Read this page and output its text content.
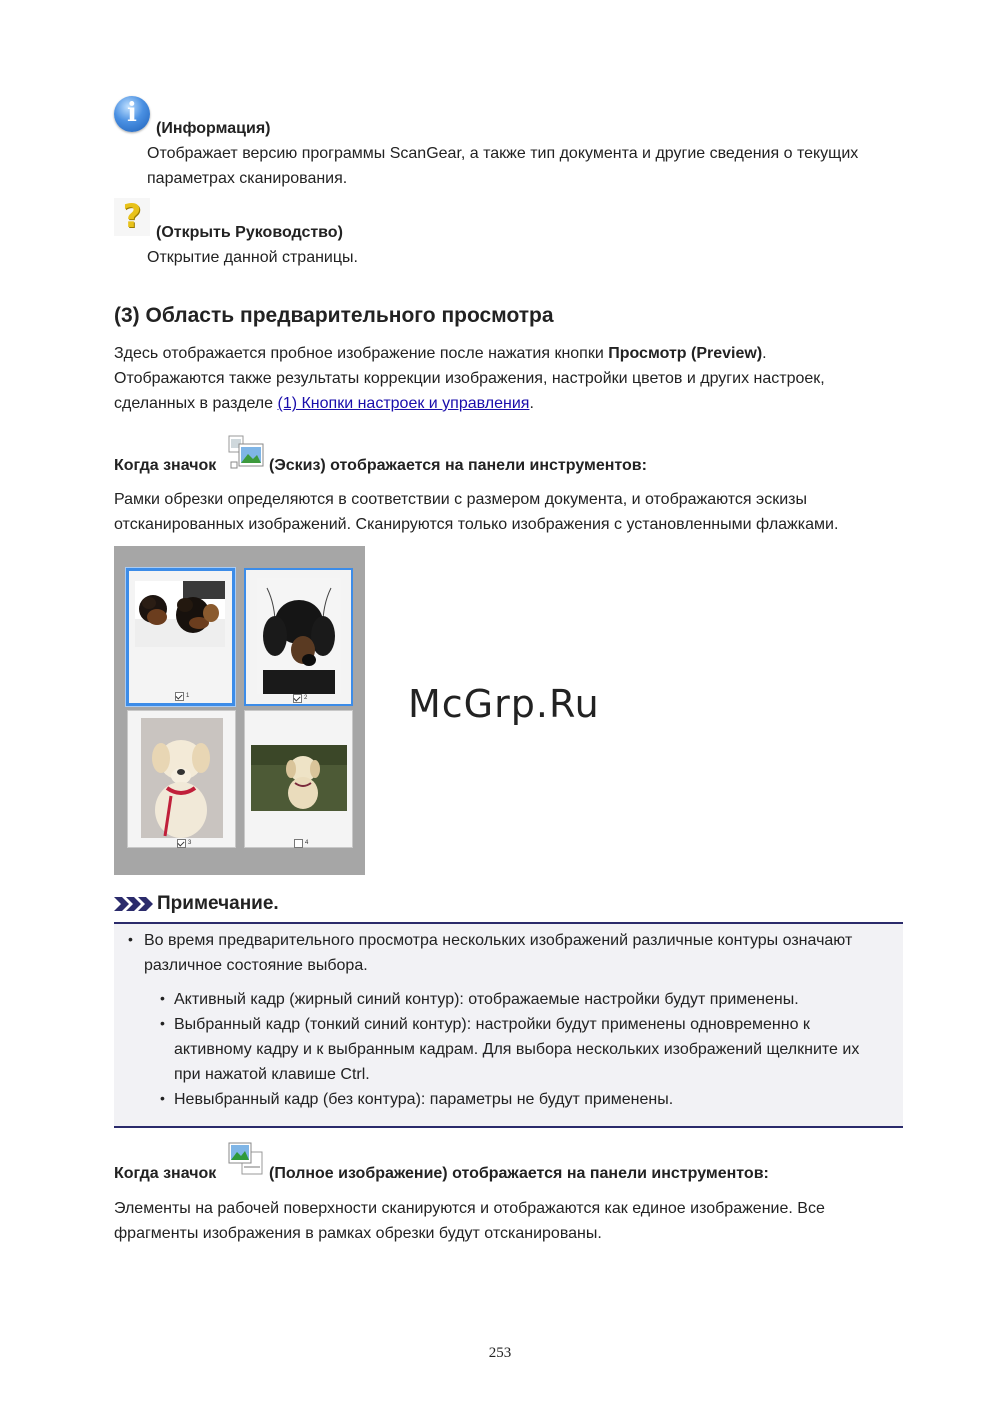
i
(Информация)
Отображает версию программы ScanGear, а также тип документа и другие сведения о текущих
параметрах сканирования.
? (Открыть Руководство)
Открытие данной страницы.
(3) Область предварительного просмотра
Здесь отображается пробное изображение после нажатия кнопки Просмотр (Preview).
Отображаются также результаты коррекции изображения, настройки цветов и других настроек,
сделанных в разделе (1) Кнопки настроек и управления.
Когда значок	(Эскиз) отображается на панели инструментов:
Рамки обрезки определяются в соответствии с размером документа, и отображаются эскизы
отсканированных изображений. Сканируются только изображения с установленными флажками.
1	2
3	4
McGrp.Ru
Примечание.
• Во время предварительного просмотра нескольких изображений различные контуры означают
различное состояние выбора.
• Активный кадр (жирный синий контур): отображаемые настройки будут применены.
• Выбранный кадр (тонкий синий контур): настройки будут применены одновременно к
активному кадру и к выбранным кадрам. Для выбора нескольких изображений щелкните их
при нажатой клавише Ctrl.
• Невыбранный кадр (без контура): параметры не будут применены.
Когда значок	(Полное изображение) отображается на панели инструментов:
Элементы на рабочей поверхности сканируются и отображаются как единое изображение. Все
фрагменты изображения в рамках обрезки будут отсканированы.
253
